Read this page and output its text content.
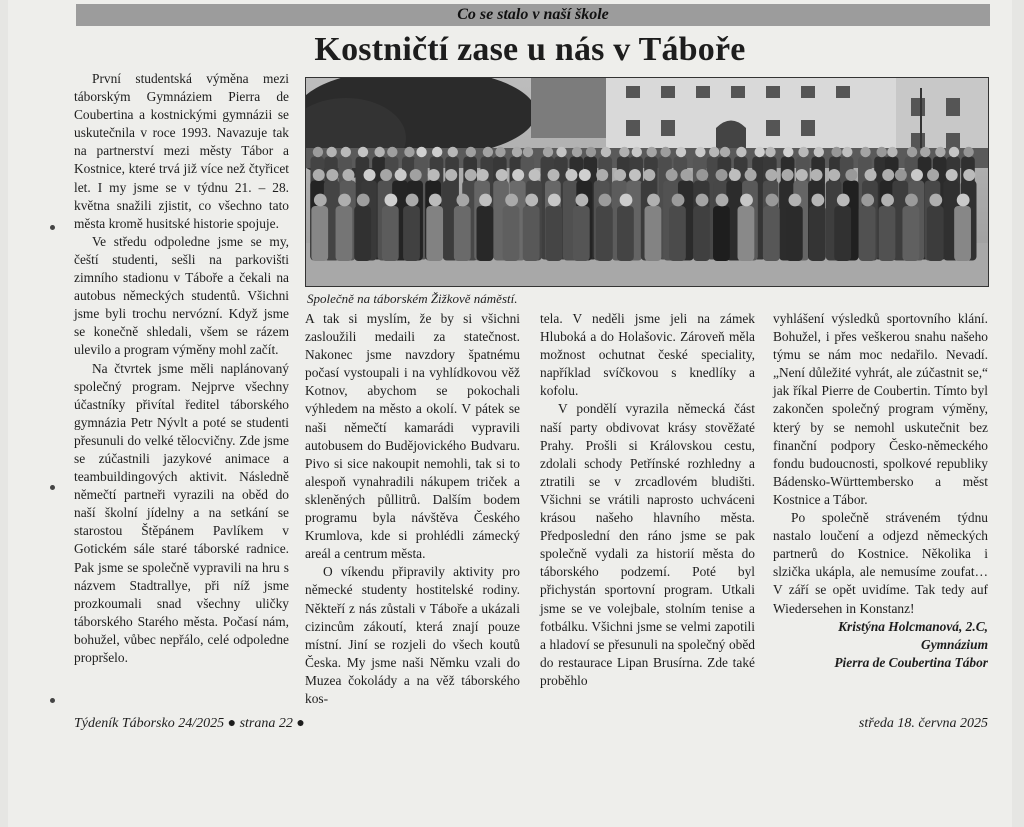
Co se stalo v naší škole
Kostničtí zase u nás v Táboře
Společně na táborském Žižkově náměstí.

První studentská výměna mezi táborským Gymnáziem Pierra de Coubertina a kostnickými gymnázii se uskutečnila v roce 1993. Navazuje tak na partnerství mezi městy Tábor a Kostnice, které trvá již více než čtyřicet let. I my jsme se v týdnu 21. – 28. května snažili zjistit, co všechno tato města kromě husitské historie spojuje.

Ve středu odpoledne jsme se my, čeští studenti, sešli na parkovišti zimního stadionu v Táboře a čekali na autobus německých studentů. Všichni jsme byli trochu nervózní. Když jsme se konečně shledali, všem se rázem ulevilo a program výměny mohl začít.

Na čtvrtek jsme měli naplánovaný společný program. Nejprve všechny účastníky přivítal ředitel táborského gymnázia Petr Nývlt a poté se studenti přesunuli do velké tělocvičny. Zde jsme se zúčastnili jazykové animace a teambuildingových aktivit. Následně němečtí partneři vyrazili na oběd do naší školní jídelny a na setkání se starostou Štěpánem Pavlíkem v Gotickém sále staré táborské radnice. Pak jsme se společně vypravili na hru s názvem Stadtrallye, při níž jsme prozkoumali snad všechny uličky táborského Starého města. Počasí nám, bohužel, vůbec nepřálo, celé odpoledne propršelo.

A tak si myslím, že by si všichni zasloužili medaili za statečnost. Nakonec jsme navzdory špatnému počasí vystoupali i na vyhlídkovou věž Kotnov, abychom se pokochali výhledem na město a okolí. V pátek se naši němečtí kamarádi vypravili autobusem do Budějovického Budvaru. Pivo si sice nakoupit nemohli, tak si to alespoň vynahradili nákupem triček a skleněných půllitrů. Dalším bodem programu byla návštěva Českého Krumlova, kde si prohlédli zámecký areál a centrum města.

O víkendu připravily aktivity pro německé studenty hostitelské rodiny. Někteří z nás zůstali v Táboře a ukázali cizincům zákoutí, která znají pouze místní. Jiní se rozjeli do všech koutů Česka. My jsme naši Němku vzali do Muzea čokolády a na věž táborského kos-

tela. V neděli jsme jeli na zámek Hluboká a do Holašovic. Zároveň měla možnost ochutnat české speciality, například svíčkovou s knedlíky a kofolu.

V pondělí vyrazila německá část naší party obdivovat krásy stověžaté Prahy. Prošli si Královskou cestu, zdolali schody Petřínské rozhledny a ztratili se v zrcadlovém bludišti. Všichni se vrátili naprosto uchváceni krásou našeho hlavního města. Předposlední den ráno jsme se pak společně vydali za historií města do táborského podzemí. Poté byl přichystán sportovní program. Utkali jsme se ve volejbale, stolním tenise a fotbálku. Všichni jsme se velmi zapotili a hladoví se přesunuli na společný oběd do restaurace Lipan Brusírna. Zde také proběhlo

vyhlášení výsledků sportovního klání. Bohužel, i přes veškerou snahu našeho týmu se nám moc nedařilo. Nevadí. „Není důležité vyhrát, ale zúčastnit se,“ jak říkal Pierre de Coubertin. Tímto byl zakončen společný program výměny, který by se nemohl uskutečnit bez finanční podpory Česko-německého fondu budoucnosti, spolkové republiky Bádensko-Württembersko a měst Kostnice a Tábor.

Po společně stráveném týdnu nastalo loučení a odjezd německých partnerů do Kostnice. Několika i slzička ukápla, ale nemusíme zoufat… V září se opět uvidíme. Tak tedy auf Wiedersehen in Konstanz!

Kristýna Holcmanová, 2.C,

Gymnázium

Pierra de Coubertina Tábor

Týdeník Táborsko 24/2025 ● strana 22 ●	středa 18. června 2025
